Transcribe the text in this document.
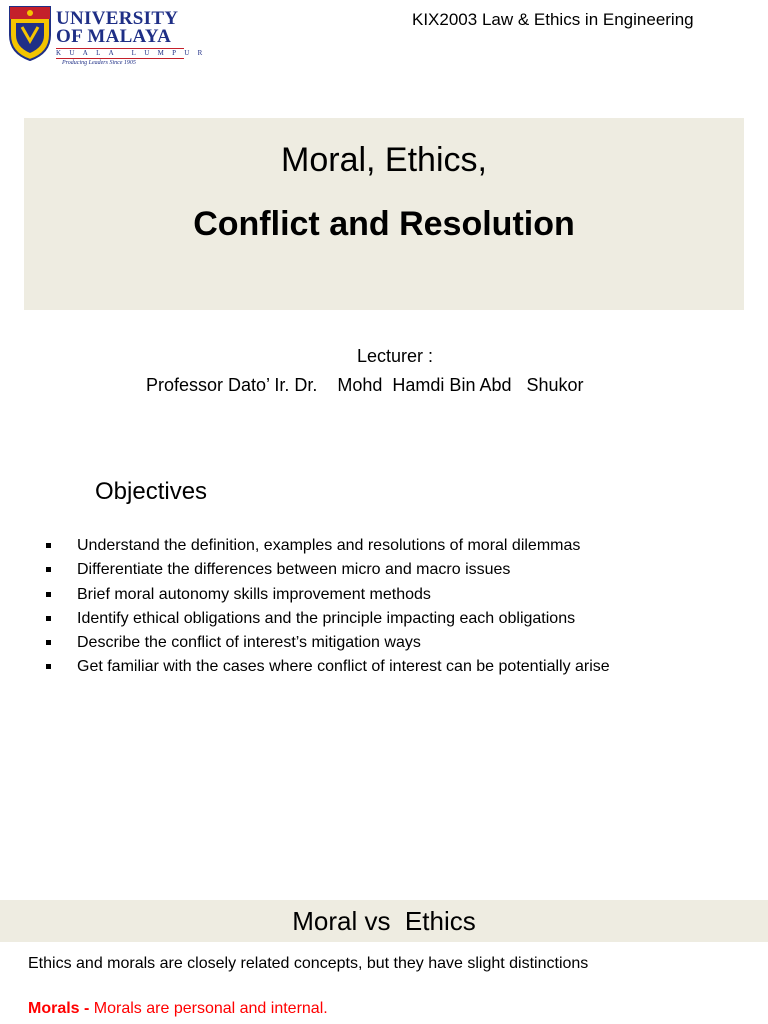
UNIVERSITY
OF MALAYA
KUALA LUMPUR
Producing Leaders Since 1905
KIX2003 Law & Ethics in Engineering
Moral, Ethics,
Conflict and Resolution
Lecturer :
Professor Dato’ Ir. Dr.    Mohd  Hamdi Bin Abd   Shukor
Objectives
Understand the definition, examples and resolutions of moral dilemmas
Differentiate the differences between micro and macro issues
Brief moral autonomy skills improvement methods
Identify ethical obligations and the principle impacting each obligations
Describe the conflict of interest’s mitigation ways
Get familiar with the cases where conflict of interest can be potentially arise
Moral vs  Ethics
Ethics and morals are closely related concepts, but they have slight distinctions
Morals - Morals are personal and internal.
